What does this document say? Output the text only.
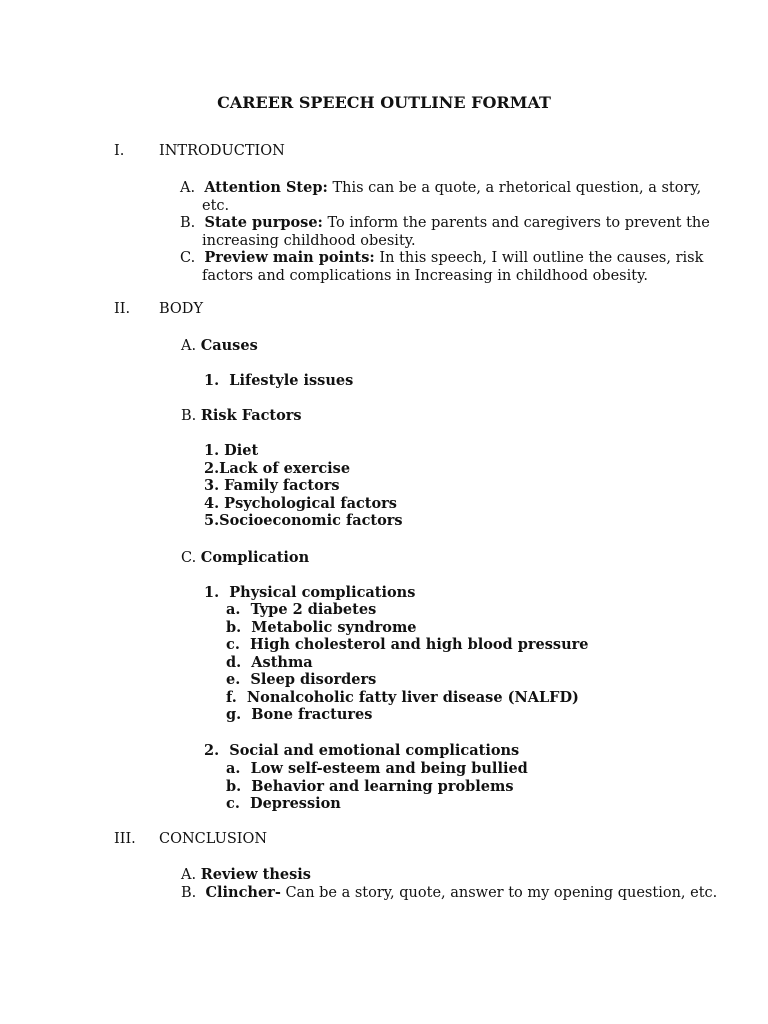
CAREER SPEECH OUTLINE FORMAT
I. INTRODUCTION
A. Attention Step: This can be a quote, a rhetorical question, a story,
etc.
B. State purpose: To inform the parents and caregivers to prevent the
increasing childhood obesity.
C. Preview main points: In this speech, I will outline the causes, risk
factors and complications in Increasing in childhood obesity.
II. BODY
A. Causes
1. Lifestyle issues
B. Risk Factors
1. Diet
2.Lack of exercise
3. Family factors
4. Psychological factors
5.Socioeconomic factors
C. Complication
1. Physical complications
a. Type 2 diabetes
b. Metabolic syndrome
c. High cholesterol and high blood pressure
d. Asthma
e. Sleep disorders
f. Nonalcoholic fatty liver disease (NALFD)
g. Bone fractures
2. Social and emotional complications
a. Low self-esteem and being bullied
b. Behavior and learning problems
c. Depression
III. CONCLUSION
A. Review thesis
B. Clincher- Can be a story, quote, answer to my opening question, etc.
